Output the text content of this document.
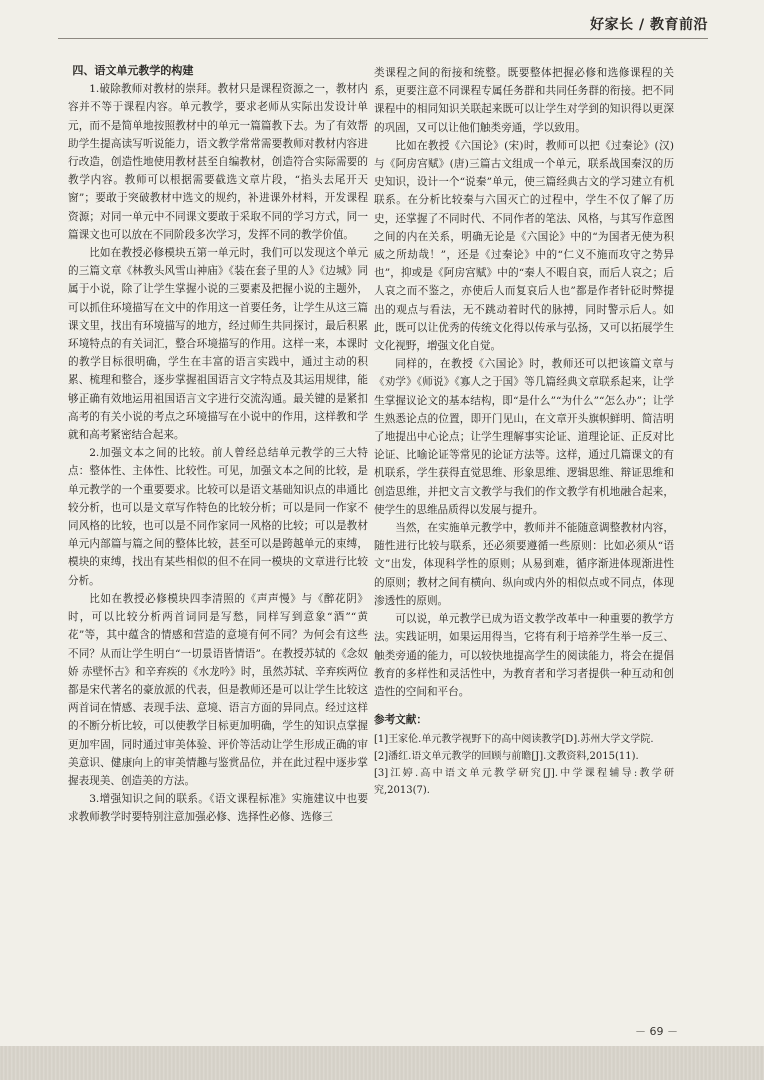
好家长 / 教育前沿
四、语文单元教学的构建

1.破除教师对教材的崇拜。教材只是课程资源之一，教材内容并不等于课程内容。单元教学，要求老师从实际出发设计单元，而不是简单地按照教材中的单元一篇篇教下去。为了有效帮助学生提高读写听说能力，语文教学常常需要教师对教材内容进行改造，创造性地使用教材甚至自编教材，创造符合实际需要的教学内容。教师可以根据需要截选文章片段，“掐头去尾开天窗”；要敢于突破教材中选文的规约，补进课外材料，开发课程资源；对同一单元中不同课文要敢于采取不同的学习方式，同一篇课文也可以放在不同阶段多次学习，发挥不同的教学价值。

比如在教授必修模块五第一单元时，我们可以发现这个单元的三篇文章《林教头风雪山神庙》《装在套子里的人》《边城》同属于小说，除了让学生掌握小说的三要素及把握小说的主题外，可以抓住环境描写在文中的作用这一首要任务，让学生从这三篇课文里，找出有环境描写的地方，经过师生共同探讨，最后积累环境特点的有关词汇，整合环境描写的作用。这样一来，本课时的教学目标很明确，学生在丰富的语言实践中，通过主动的积累、梳理和整合，逐步掌握祖国语言文字特点及其运用规律，能够正确有效地运用祖国语言文字进行交流沟通。最关键的是紧扣高考的有关小说的考点之环境描写在小说中的作用，这样教和学就和高考紧密结合起来。

2.加强文本之间的比较。前人曾经总结单元教学的三大特点：整体性、主体性、比较性。可见，加强文本之间的比较，是单元教学的一个重要要求。比较可以是语文基础知识点的串通比较分析，也可以是文章写作特色的比较分析；可以是同一作家不同风格的比较，也可以是不同作家同一风格的比较；可以是教材单元内部篇与篇之间的整体比较，甚至可以是跨越单元的束缚，模块的束缚，找出有某些相似的但不在同一模块的文章进行比较分析。

比如在教授必修模块四李清照的《声声慢》与《醉花阴》时，可以比较分析两首词同是写愁，同样写到意象“酒”“黄花”等，其中蕴含的情感和营造的意境有何不同？为何会有这些不同？从而让学生明白“一切景语皆情语”。在教授苏轼的《念奴娇 赤壁怀古》和辛弃疾的《水龙吟》时，虽然苏轼、辛弃疾两位都是宋代著名的豪放派的代表，但是教师还是可以让学生比较这两首词在情感、表现手法、意境、语言方面的异同点。经过这样的不断分析比较，可以使教学目标更加明确，学生的知识点掌握更加牢固，同时通过审美体验、评价等活动让学生形成正确的审美意识、健康向上的审美情趣与鉴赏品位，并在此过程中逐步掌握表现美、创造美的方法。

3.增强知识之间的联系。《语文课程标准》实施建议中也要求教师教学时要特别注意加强必修、选择性必修、选修三

类课程之间的衔接和统整。既要整体把握必修和选修课程的关系，更要注意不同课程专属任务群和共同任务群的衔接。把不同课程中的相同知识关联起来既可以让学生对学到的知识得以更深的巩固，又可以让他们触类旁通，学以致用。

比如在教授《六国论》(宋)时，教师可以把《过秦论》(汉)与《阿房宫赋》(唐)三篇古文组成一个单元，联系战国秦汉的历史知识，设计一个“说秦”单元，使三篇经典古文的学习建立有机联系。在分析比较秦与六国灭亡的过程中，学生不仅了解了历史，还掌握了不同时代、不同作者的笔法、风格，与其写作意图之间的内在关系，明确无论是《六国论》中的“为国者无使为积威之所劫哉！”，还是《过秦论》中的“仁义不施而攻守之势异也”，抑或是《阿房宫赋》中的“秦人不暇自哀，而后人哀之；后人哀之而不鉴之，亦使后人而复哀后人也”都是作者针砭时弊提出的观点与看法，无不跳动着时代的脉搏，同时警示后人。如此，既可以让优秀的传统文化得以传承与弘扬，又可以拓展学生文化视野，增强文化自觉。

同样的，在教授《六国论》时，教师还可以把该篇文章与《劝学》《师说》《寡人之于国》等几篇经典文章联系起来，让学生掌握议论文的基本结构，即“是什么”“为什么”“怎么办”；让学生熟悉论点的位置，即开门见山，在文章开头旗帜鲜明、简洁明了地提出中心论点；让学生理解事实论证、道理论证、正反对比论证、比喻论证等常见的论证方法等。这样，通过几篇课文的有机联系，学生获得直觉思维、形象思维、逻辑思维、辩证思维和创造思维，并把文言文教学与我们的作文教学有机地融合起来，使学生的思维品质得以发展与提升。

当然，在实施单元教学中，教师并不能随意调整教材内容，随性进行比较与联系，还必须要遵循一些原则：比如必须从“语文”出发，体现科学性的原则；从易到难，循序渐进体现渐进性的原则；教材之间有横向、纵向或内外的相似点或不同点，体现渗透性的原则。

可以说，单元教学已成为语文教学改革中一种重要的教学方法。实践证明，如果运用得当，它将有利于培养学生举一反三、触类旁通的能力，可以较快地提高学生的阅读能力，将会在提倡教育的多样性和灵活性中，为教育者和学习者提供一种互动和创造性的空间和平台。

参考文献：

[1]王家伦.单元教学视野下的高中阅读教学[D].苏州大学文学院.

[2]潘红.语文单元教学的回顾与前瞻[J].文教资料,2015(11).

[3]江婷.高中语文单元教学研究[J].中学课程辅导:教学研究,2013(7).

－ 69 －
